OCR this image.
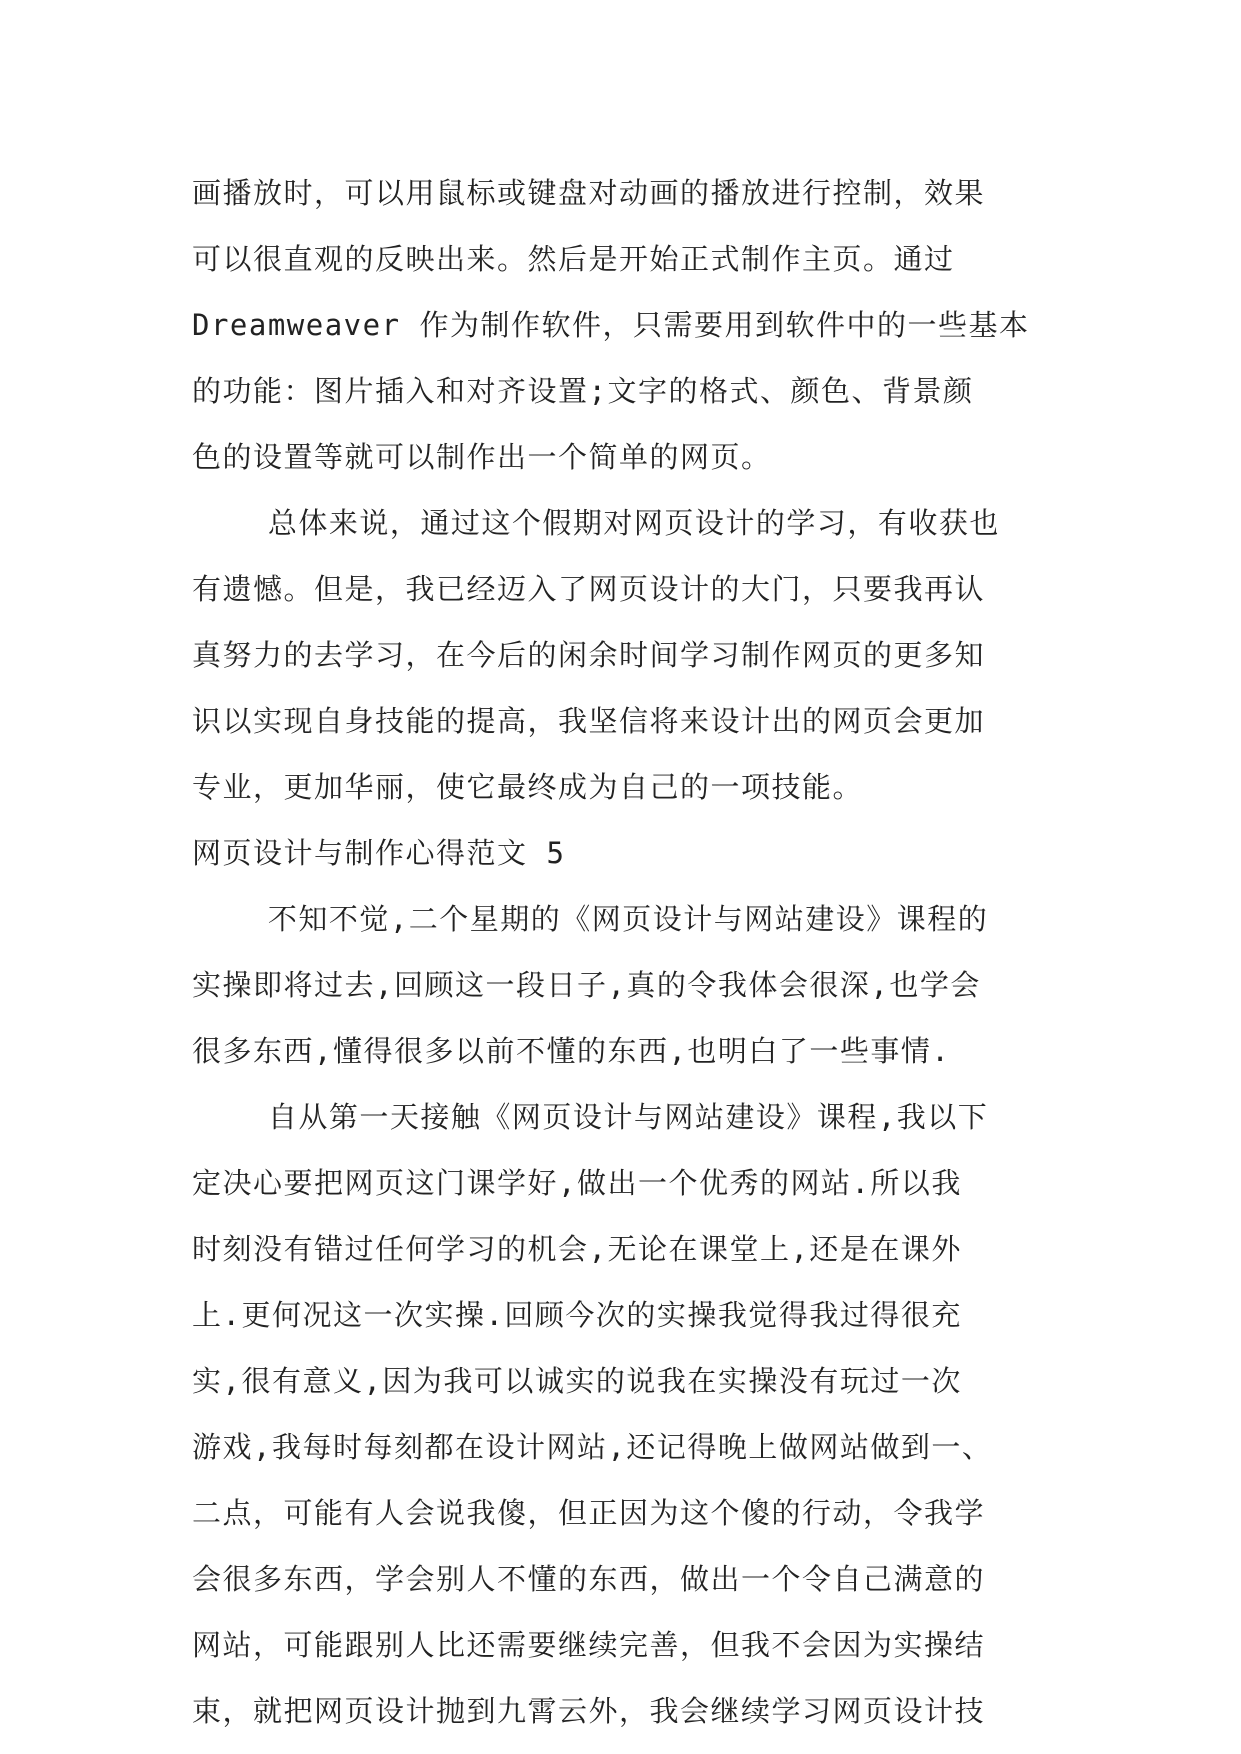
画播放时，可以用鼠标或键盘对动画的播放进行控制，效果
可以很直观的反映出来。然后是开始正式制作主页。通过
Dreamweaver 作为制作软件，只需要用到软件中的一些基本
的功能：图片插入和对齐设置;文字的格式、颜色、背景颜
色的设置等就可以制作出一个简单的网页。
总体来说，通过这个假期对网页设计的学习，有收获也
有遗憾。但是，我已经迈入了网页设计的大门，只要我再认
真努力的去学习，在今后的闲余时间学习制作网页的更多知
识以实现自身技能的提高，我坚信将来设计出的网页会更加
专业，更加华丽，使它最终成为自己的一项技能。
网页设计与制作心得范文 5
不知不觉,二个星期的《网页设计与网站建设》课程的
实操即将过去,回顾这一段日子,真的令我体会很深,也学会
很多东西,懂得很多以前不懂的东西,也明白了一些事情.
自从第一天接触《网页设计与网站建设》课程,我以下
定决心要把网页这门课学好,做出一个优秀的网站.所以我
时刻没有错过任何学习的机会,无论在课堂上,还是在课外
上.更何况这一次实操.回顾今次的实操我觉得我过得很充
实,很有意义,因为我可以诚实的说我在实操没有玩过一次
游戏,我每时每刻都在设计网站,还记得晚上做网站做到一、
二点，可能有人会说我傻，但正因为这个傻的行动，令我学
会很多东西，学会别人不懂的东西，做出一个令自己满意的
网站，可能跟别人比还需要继续完善，但我不会因为实操结
束，就把网页设计抛到九霄云外，我会继续学习网页设计技
